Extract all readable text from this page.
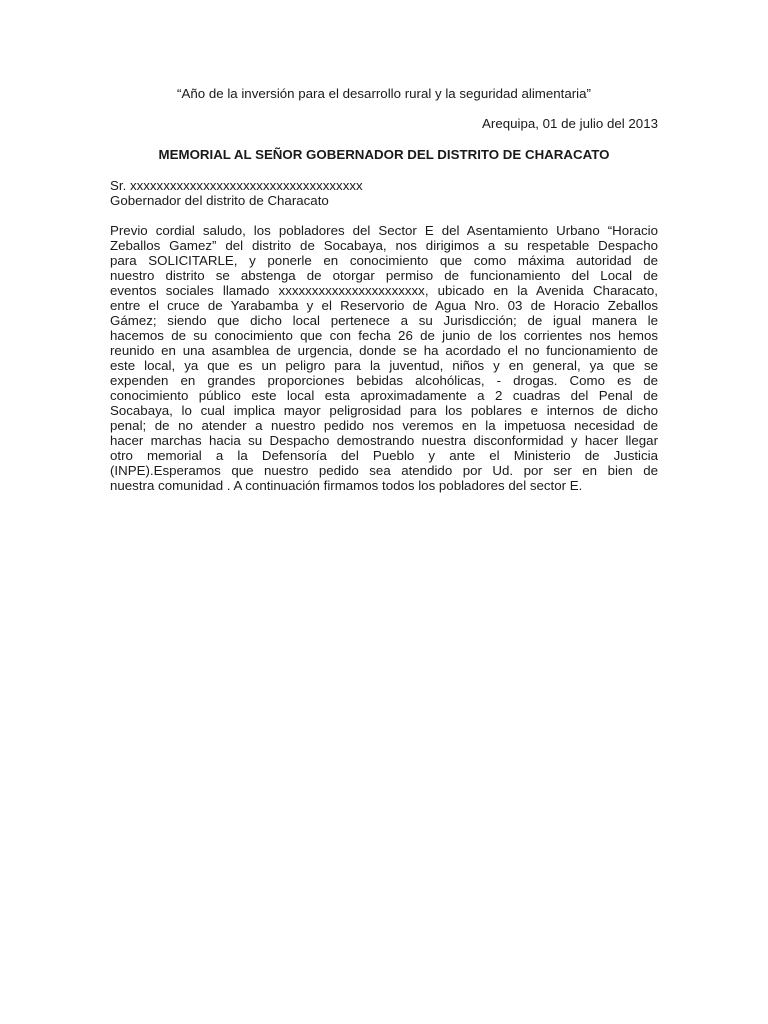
“Año de la inversión para el desarrollo rural y la seguridad alimentaria”
Arequipa, 01 de julio del 2013
MEMORIAL AL SEÑOR GOBERNADOR DEL DISTRITO DE CHARACATO
Sr. xxxxxxxxxxxxxxxxxxxxxxxxxxxxxxxxxxx
Gobernador del distrito de Characato
Previo cordial saludo, los pobladores del Sector E del Asentamiento Urbano “Horacio
Zeballos Gamez” del distrito de Socabaya, nos dirigimos a su respetable Despacho
para SOLICITARLE, y ponerle en conocimiento que como máxima autoridad de
nuestro distrito se abstenga de otorgar permiso de funcionamiento del Local de
eventos sociales llamado xxxxxxxxxxxxxxxxxxxxxx, ubicado en la Avenida Characato,
entre el cruce de Yarabamba y el Reservorio de Agua Nro. 03 de Horacio Zeballos
Gámez; siendo que dicho local pertenece a su Jurisdicción; de igual manera le
hacemos de su conocimiento que con fecha 26 de junio de los corrientes nos hemos
reunido en una asamblea de urgencia, donde se ha acordado el no funcionamiento de
este local, ya que es un peligro para la juventud, niños y en general, ya que se
expenden en grandes proporciones bebidas alcohólicas, - drogas. Como es de
conocimiento público este local esta aproximadamente a 2 cuadras del Penal de
Socabaya, lo cual implica mayor peligrosidad para los poblares e internos de dicho
penal; de no atender a nuestro pedido nos veremos en la impetuosa necesidad de
hacer marchas hacia su Despacho demostrando nuestra disconformidad y hacer llegar
otro memorial a la Defensoría del Pueblo y ante el Ministerio de Justicia
(INPE).Esperamos que nuestro pedido sea atendido por Ud. por ser en bien de
nuestra comunidad . A continuación firmamos todos los pobladores del sector E.
